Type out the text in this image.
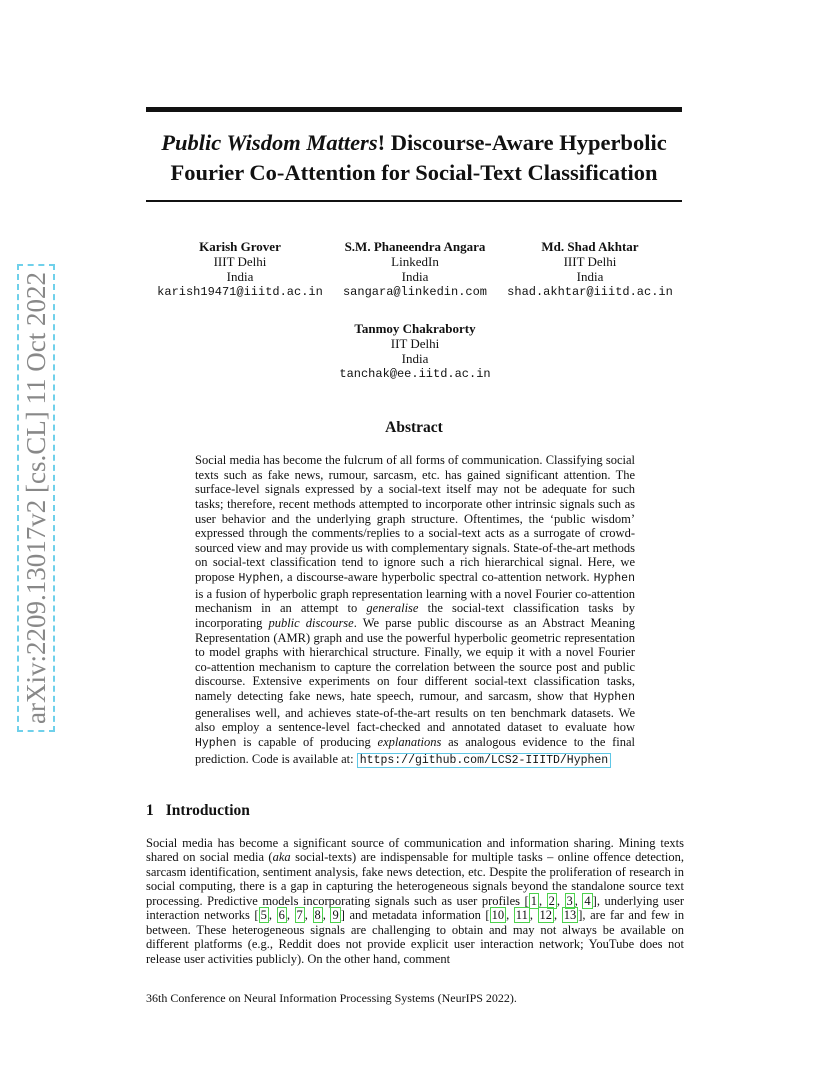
arXiv:2209.13017v2 [cs.CL] 11 Oct 2022
Public Wisdom Matters! Discourse-Aware Hyperbolic Fourier Co-Attention for Social-Text Classification
Karish Grover
IIIT Delhi
India
karish19471@iiitd.ac.in
S.M. Phaneendra Angara
LinkedIn
India
sangara@linkedin.com
Md. Shad Akhtar
IIIT Delhi
India
shad.akhtar@iiitd.ac.in
Tanmoy Chakraborty
IIT Delhi
India
tanchak@ee.iitd.ac.in
Abstract
Social media has become the fulcrum of all forms of communication. Classifying social texts such as fake news, rumour, sarcasm, etc. has gained significant attention. The surface-level signals expressed by a social-text itself may not be adequate for such tasks; therefore, recent methods attempted to incorporate other intrinsic signals such as user behavior and the underlying graph structure. Oftentimes, the ‘public wisdom’ expressed through the comments/replies to a social-text acts as a surrogate of crowd-sourced view and may provide us with complementary signals. State-of-the-art methods on social-text classification tend to ignore such a rich hierarchical signal. Here, we propose Hyphen, a discourse-aware hyperbolic spectral co-attention network. Hyphen is a fusion of hyperbolic graph representation learning with a novel Fourier co-attention mechanism in an attempt to generalise the social-text classification tasks by incorporating public discourse. We parse public discourse as an Abstract Meaning Representation (AMR) graph and use the powerful hyperbolic geometric representation to model graphs with hierarchical structure. Finally, we equip it with a novel Fourier co-attention mechanism to capture the correlation between the source post and public discourse. Extensive experiments on four different social-text classification tasks, namely detecting fake news, hate speech, rumour, and sarcasm, show that Hyphen generalises well, and achieves state-of-the-art results on ten benchmark datasets. We also employ a sentence-level fact-checked and annotated dataset to evaluate how Hyphen is capable of producing explanations as analogous evidence to the final prediction. Code is available at: https://github.com/LCS2-IIITD/Hyphen
1 Introduction
Social media has become a significant source of communication and information sharing. Mining texts shared on social media (aka social-texts) are indispensable for multiple tasks – online offence detection, sarcasm identification, sentiment analysis, fake news detection, etc. Despite the proliferation of research in social computing, there is a gap in capturing the heterogeneous signals beyond the standalone source text processing. Predictive models incorporating signals such as user profiles [ 1 , 2 , 3 , 4 ], underlying user interaction networks [ 5 , 6 , 7 , 8 , 9 ] and metadata information [ 10 , 11 , 12 , 13 ], are far and few in between. These heterogeneous signals are challenging to obtain and may not always be available on different platforms (e.g., Reddit does not provide explicit user interaction network; YouTube does not release user activities publicly). On the other hand, comment
36th Conference on Neural Information Processing Systems (NeurIPS 2022).
